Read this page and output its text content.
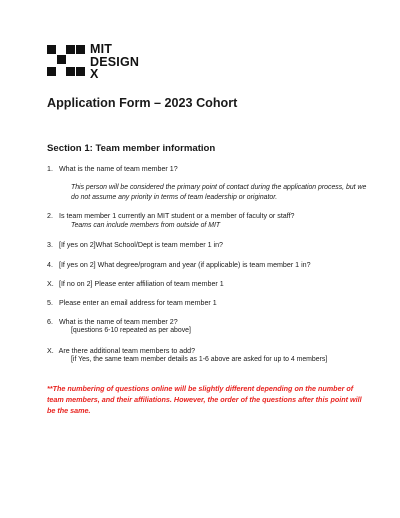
MIT
DESIGN
X
Application Form – 2023 Cohort
Section 1: Team member information
1. What is the name of team member 1?
This person will be considered the primary point of contact during the application process, but we do not assume any priority in terms of team leadership or originator.
2. Is team member 1 currently an MIT student or a member of faculty or staff?
Teams can include members from outside of MIT
3. [If yes on 2]What School/Dept is team member 1 in?
4. [If yes on 2] What degree/program and year (if applicable) is team member 1 in?
X. [If no on 2] Please enter affiliation of team member 1
5. Please enter an email address for team member 1
6. What is the name of team member 2?
[questions 6-10 repeated as per above]
X. Are there additional team members to add?
[if Yes, the same team member details as 1-6 above are asked for up to 4 members]
**The numbering of questions online will be slightly different depending on the number of team members, and their affiliations. However, the order of the questions after this point will be the same.
